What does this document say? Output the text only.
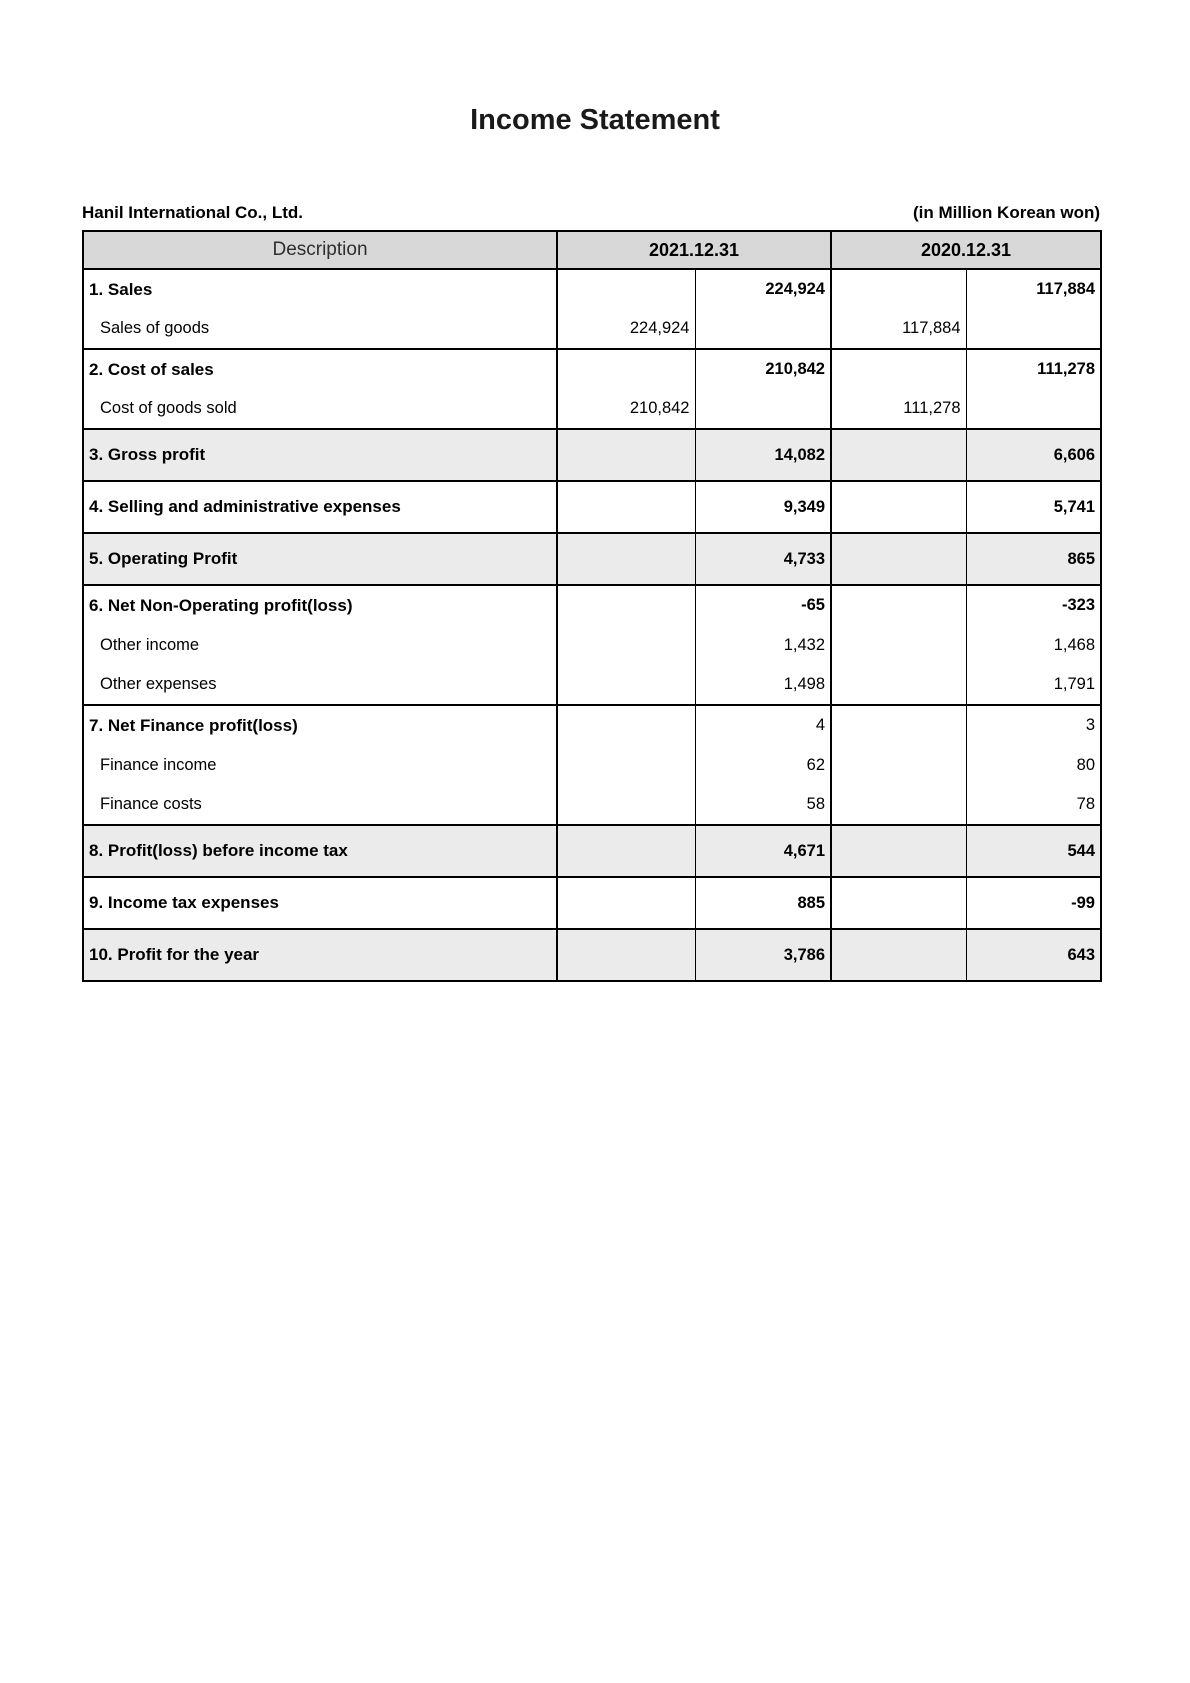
Income Statement
Hanil International Co., Ltd.	(in Million Korean won)
Description	2021.12.31		2020.12.31	
1. Sales		224,924		117,884
Sales of goods	224,924		117,884	
2. Cost of sales		210,842		111,278
Cost of goods sold	210,842		111,278	
3. Gross profit		14,082		6,606
4. Selling and administrative expenses		9,349		5,741
5. Operating Profit		4,733		865
6. Net Non-Operating profit(loss)		-65		-323
Other income		1,432		1,468
Other expenses		1,498		1,791
7. Net Finance profit(loss)		4		3
Finance income		62		80
Finance costs		58		78
8. Profit(loss) before income tax		4,671		544
9. Income tax expenses		885		-99
10. Profit for the year		3,786		643
